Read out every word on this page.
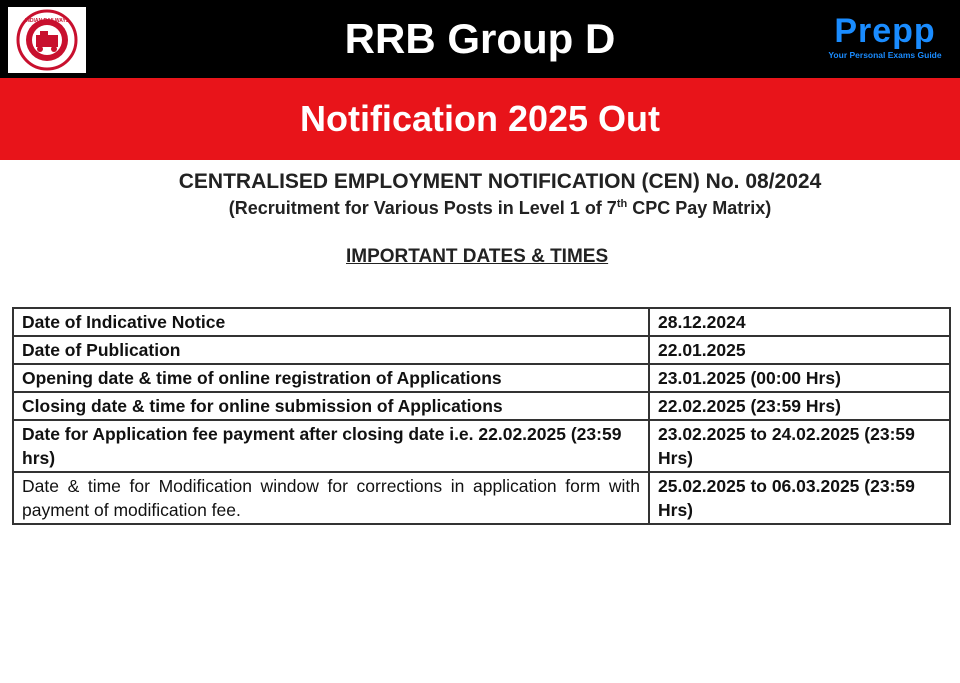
INDIAN RAILWAYS	RRB Group D	Prepp
Your Personal Exams Guide
Notification 2025 Out
CENTRALISED EMPLOYMENT NOTIFICATION (CEN) No. 08/2024
(Recruitment for Various Posts in Level 1 of 7th CPC Pay Matrix)
IMPORTANT DATES & TIMES
Date of Indicative Notice	28.12.2024
Date of Publication	22.01.2025
Opening date & time of online registration of Applications	23.01.2025 (00:00 Hrs)
Closing date & time for online submission of Applications	22.02.2025 (23:59 Hrs)
Date for Application fee payment after closing date i.e. 22.02.2025 (23:59 hrs)	23.02.2025 to 24.02.2025 (23:59 Hrs)
Date & time for Modification window for corrections in application form with payment of modification fee.	25.02.2025 to 06.03.2025 (23:59 Hrs)
